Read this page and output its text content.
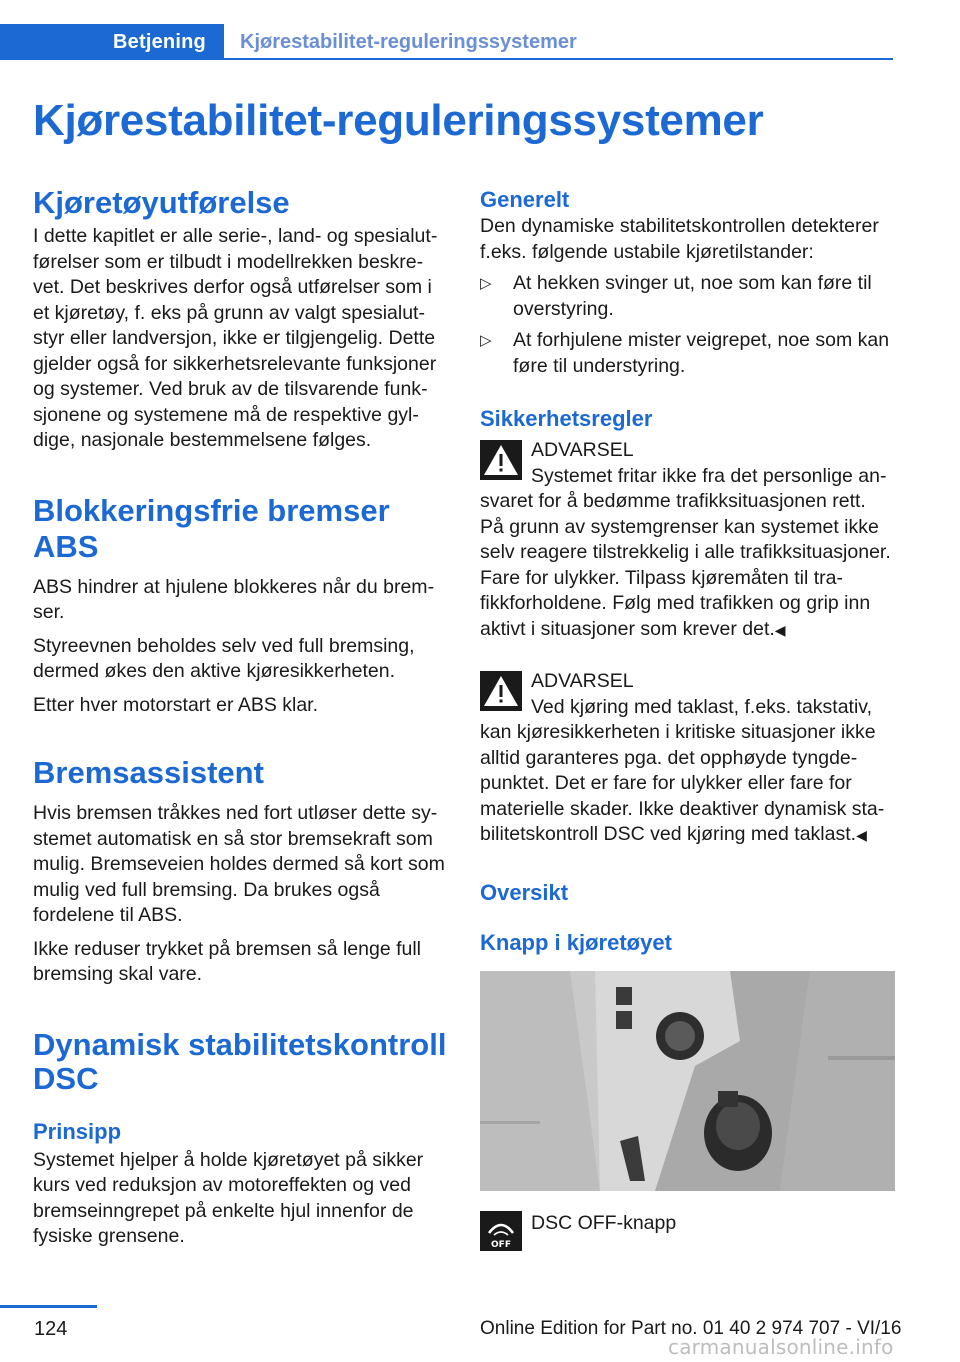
Betjening	Kjørestabilitet-reguleringssystemer
Kjørestabilitet-reguleringssystemer
Kjøretøyutførelse

I dette kapitlet er alle serie-, land- og spesialutførelser som er tilbudt i modellrekken beskrevet. Det beskrives derfor også utførelser som i et kjøretøy, f. eks på grunn av valgt spesialutstyr eller landversjon, ikke er tilgjengelig. Dette gjelder også for sikkerhetsrelevante funksjoner og systemer. Ved bruk av de tilsvarende funksjonene og systemene må de respektive gyldige, nasjonale bestemmelsene følges.

Blokkeringsfrie bremser ABS

ABS hindrer at hjulene blokkeres når du bremser.

Styreevnen beholdes selv ved full bremsing, dermed økes den aktive kjøresikkerheten.

Etter hver motorstart er ABS klar.

Bremsassistent

Hvis bremsen tråkkes ned fort utløser dette systemet automatisk en så stor bremsekraft som mulig. Bremseveien holdes dermed så kort som mulig ved full bremsing. Da brukes også fordelene til ABS.

Ikke reduser trykket på bremsen så lenge full bremsing skal vare.

Dynamisk stabilitetskontroll DSC
Prinsipp

Systemet hjelper å holde kjøretøyet på sikker kurs ved reduksjon av motoreffekten og ved bremseinngrepet på enkelte hjul innenfor de fysiske grensene.

Generelt

Den dynamiske stabilitetskontrollen detekterer f.eks. følgende ustabile kjøretilstander:

▷ At hekken svinger ut, noe som kan føre til overstyring.
▷ At forhjulene mister veigrepet, noe som kan føre til understyring.
Sikkerhetsregler

ADVARSEL

Systemet fritar ikke fra det personlige ansvaret for å bedømme trafikksituasjonen rett. På grunn av systemgrenser kan systemet ikke selv reagere tilstrekkelig i alle trafikksituasjoner. Fare for ulykker. Tilpass kjøremåten til trafikkforholdene. Følg med trafikken og grip inn aktivt i situasjoner som krever det.◀

ADVARSEL

Ved kjøring med taklast, f.eks. takstativ, kan kjøresikkerheten i kritiske situasjoner ikke alltid garanteres pga. det opphøyde tyngdepunktet. Det er fare for ulykker eller fare for materielle skader. Ikke deaktiver dynamisk stabilitetskontroll DSC ved kjøring med taklast.◀

Oversikt
Knapp i kjøretøyet
OFF

DSC OFF-knapp

124	Online Edition for Part no. 01 40 2 974 707 - VI/16
carmanualsonline.info
